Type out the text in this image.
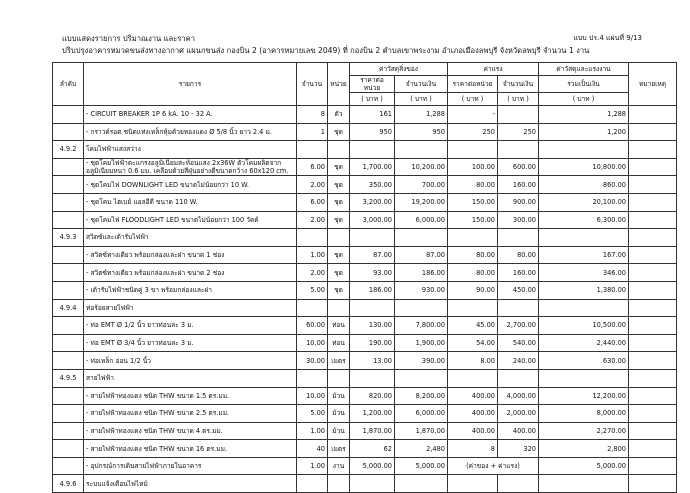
แบบแสดงรายการ ปริมาณงาน และราคา
ปริบปรุงอาคารหมวดขนส่งทางอากาศ แผนกขนส่ง กองบิน 2 (อาคารหมายเลข 2049) ที่ กองบิน 2 ตำบลเขาพระงาม อำเภอเมืองลพบุรี จังหวัดลพบุรี จำนวน 1 งาน
แบบ ปร.4 แผ่นที่ 9/13
ลำดับ	รายการ	จำนวน	หน่วย	ค่าวัสดุสิ่งของ		ค่าแรง		ค่าวัสดุและแรงงาน	หมายเหตุ
				ราคาต่อหน่วย	จำนวนเงิน	ราคาต่อหน่วย	จำนวนเงิน	รวมเป็นเงิน	
				( บาท )	( บาท )	( บาท )	( บาท )	( บาท )	
	- CIRCUIT BREAKER 1P 6 kA. 10 - 32 A.	8	ตัว	161	1,288	-		1,288	
	- กราวด์รอด ชนิดแท่งเหล็กหุ้มด้วยทองแดง Ø 5/8 นิ้ว ยาว 2.4 ม.	1	ชุด	950	950	250	250	1,200	
4.9.2	โคมไฟฟ้าแสงสว่าง								

	- ชุดโคมไฟฟ้าตะแกรงอลูมิเนียมสะท้อนแสง 2x36W ตัวโคมผลิตจาก
อลูมิเนียมหนา 0.6 มม. เคลือบด้วยสีฝุ่นอย่างดีขนาดกว้าง 60x120 cm.	6.00	ชุด	1,700.00	10,200.00	100.00	600.00	10,800.00	
	- ชุดโคมไฟ DOWNLIGHT LED ขนาดไม่น้อยกว่า 10 W.	2.00	ชุด	350.00	700.00	80.00	160.00	860.00	
	- ชุดโคม ไฮเบย์ แอลอีดี ขนาด 110 W.	6.00	ชุด	3,200.00	19,200.00	150.00	900.00	20,100.00	
	- ชุดโคมไฟ FLOODLIGHT LED ขนาดไม่น้อยกว่า 100 วัตต์	2.00	ชุด	3,000.00	6,000.00	150.00	300.00	6,300.00	
4.9.3	สวิตซ์และเต้ารับไฟฟ้า								
	- สวิตซ์ทางเดียว พร้อมกล่องและฝา ขนาด 1 ช่อง	1.00	ชุด	87.00	87.00	80.00	80.00	167.00	
	- สวิตซ์ทางเดียว พร้อมกล่องและฝา ขนาด 2 ช่อง	2.00	ชุด	93.00	186.00	80.00	160.00	346.00	
	- เต้ารับไฟฟ้าชนิดคู่ 3 ขา พร้อมกล่องและฝา	5.00	ชุด	186.00	930.00	90.00	450.00	1,380.00	
4.9.4	ท่อร้อยสายไฟฟ้า								
	- ท่อ EMT Ø 1/2 นิ้ว ยาวท่อนละ 3 ม.	60.00	ท่อน	130.00	7,800.00	45.00	2,700.00	10,500.00	
	- ท่อ EMT Ø 3/4 นิ้ว ยาวท่อนละ 3 ม.	10.00	ท่อน	190.00	1,900.00	54.00	540.00	2,440.00	
	- ท่อเหล็ก อ่อน 1/2 นิ้ว	30.00	เมตร	13.00	390.00	8.00	240.00	630.00	
4.9.5	สายไฟฟ้า								
	- สายไฟฟ้าทองแดง ชนิด THW ขนาด 1.5 ตร.มม.	10.00	ม้วน	820.00	8,200.00	400.00	4,000.00	12,200.00	
	- สายไฟฟ้าทองแดง ชนิด THW ขนาด 2.5 ตร.มม.	5.00	ม้วน	1,200.00	6,000.00	400.00	2,000.00	8,000.00	
	- สายไฟฟ้าทองแดง ชนิด THW ขนาด 4 ตร.มม.	1.00	ม้วน	1,870.00	1,870.00	400.00	400.00	2,270.00	
	- สายไฟฟ้าทองแดง ชนิด THW ขนาด 16 ตร.มม.	40	เมตร	62	2,480	8	320	2,800	
	- อุปกรณ์การเดินสายไฟฟ้าภายในอาคาร	1.00	งาน	5,000.00	5,000.00	(ค่าของ + ค่าแรง)		5,000.00	
4.9.6	ระบบแจ้งเตือนไฟไหม้								
